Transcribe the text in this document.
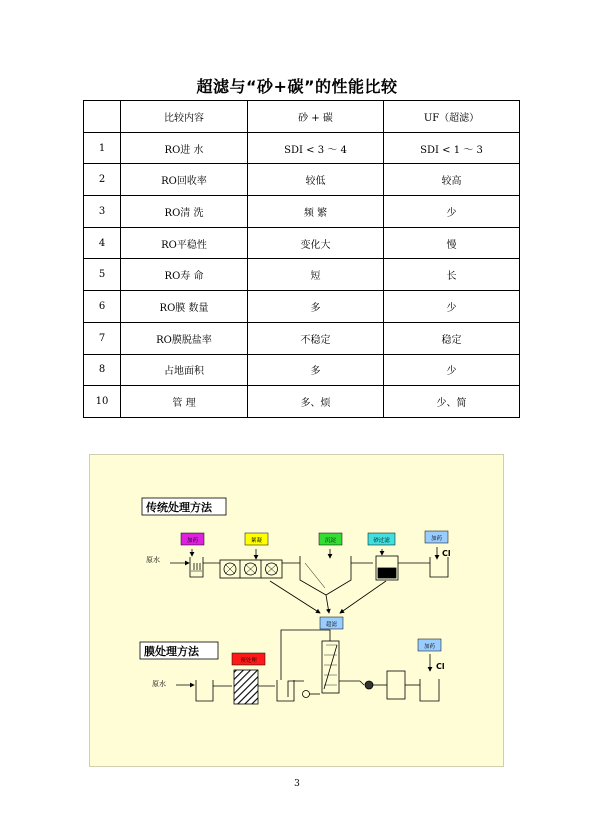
超滤与“砂+碳”的性能比较
	比较内容	砂 + 碳	UF（超滤）
1	RO进 水	SDI < 3 ～ 4	SDI < 1 ～ 3
2	RO回收率	较低	较高
3	RO清 洗	频 繁	少
4	RO平稳性	变化大	慢
5	RO寿 命	短	长
6	RO膜 数量	多	少
7	RO膜脱盐率	不稳定	稳定
8	占地面积	多	少
10	管 理	多、烦	少、简
传统处理方法
膜处理方法
加药	絮凝	沉淀	砂过滤	加药
超滤
预处理
加药
原水
原水
Cl
Cl
3
